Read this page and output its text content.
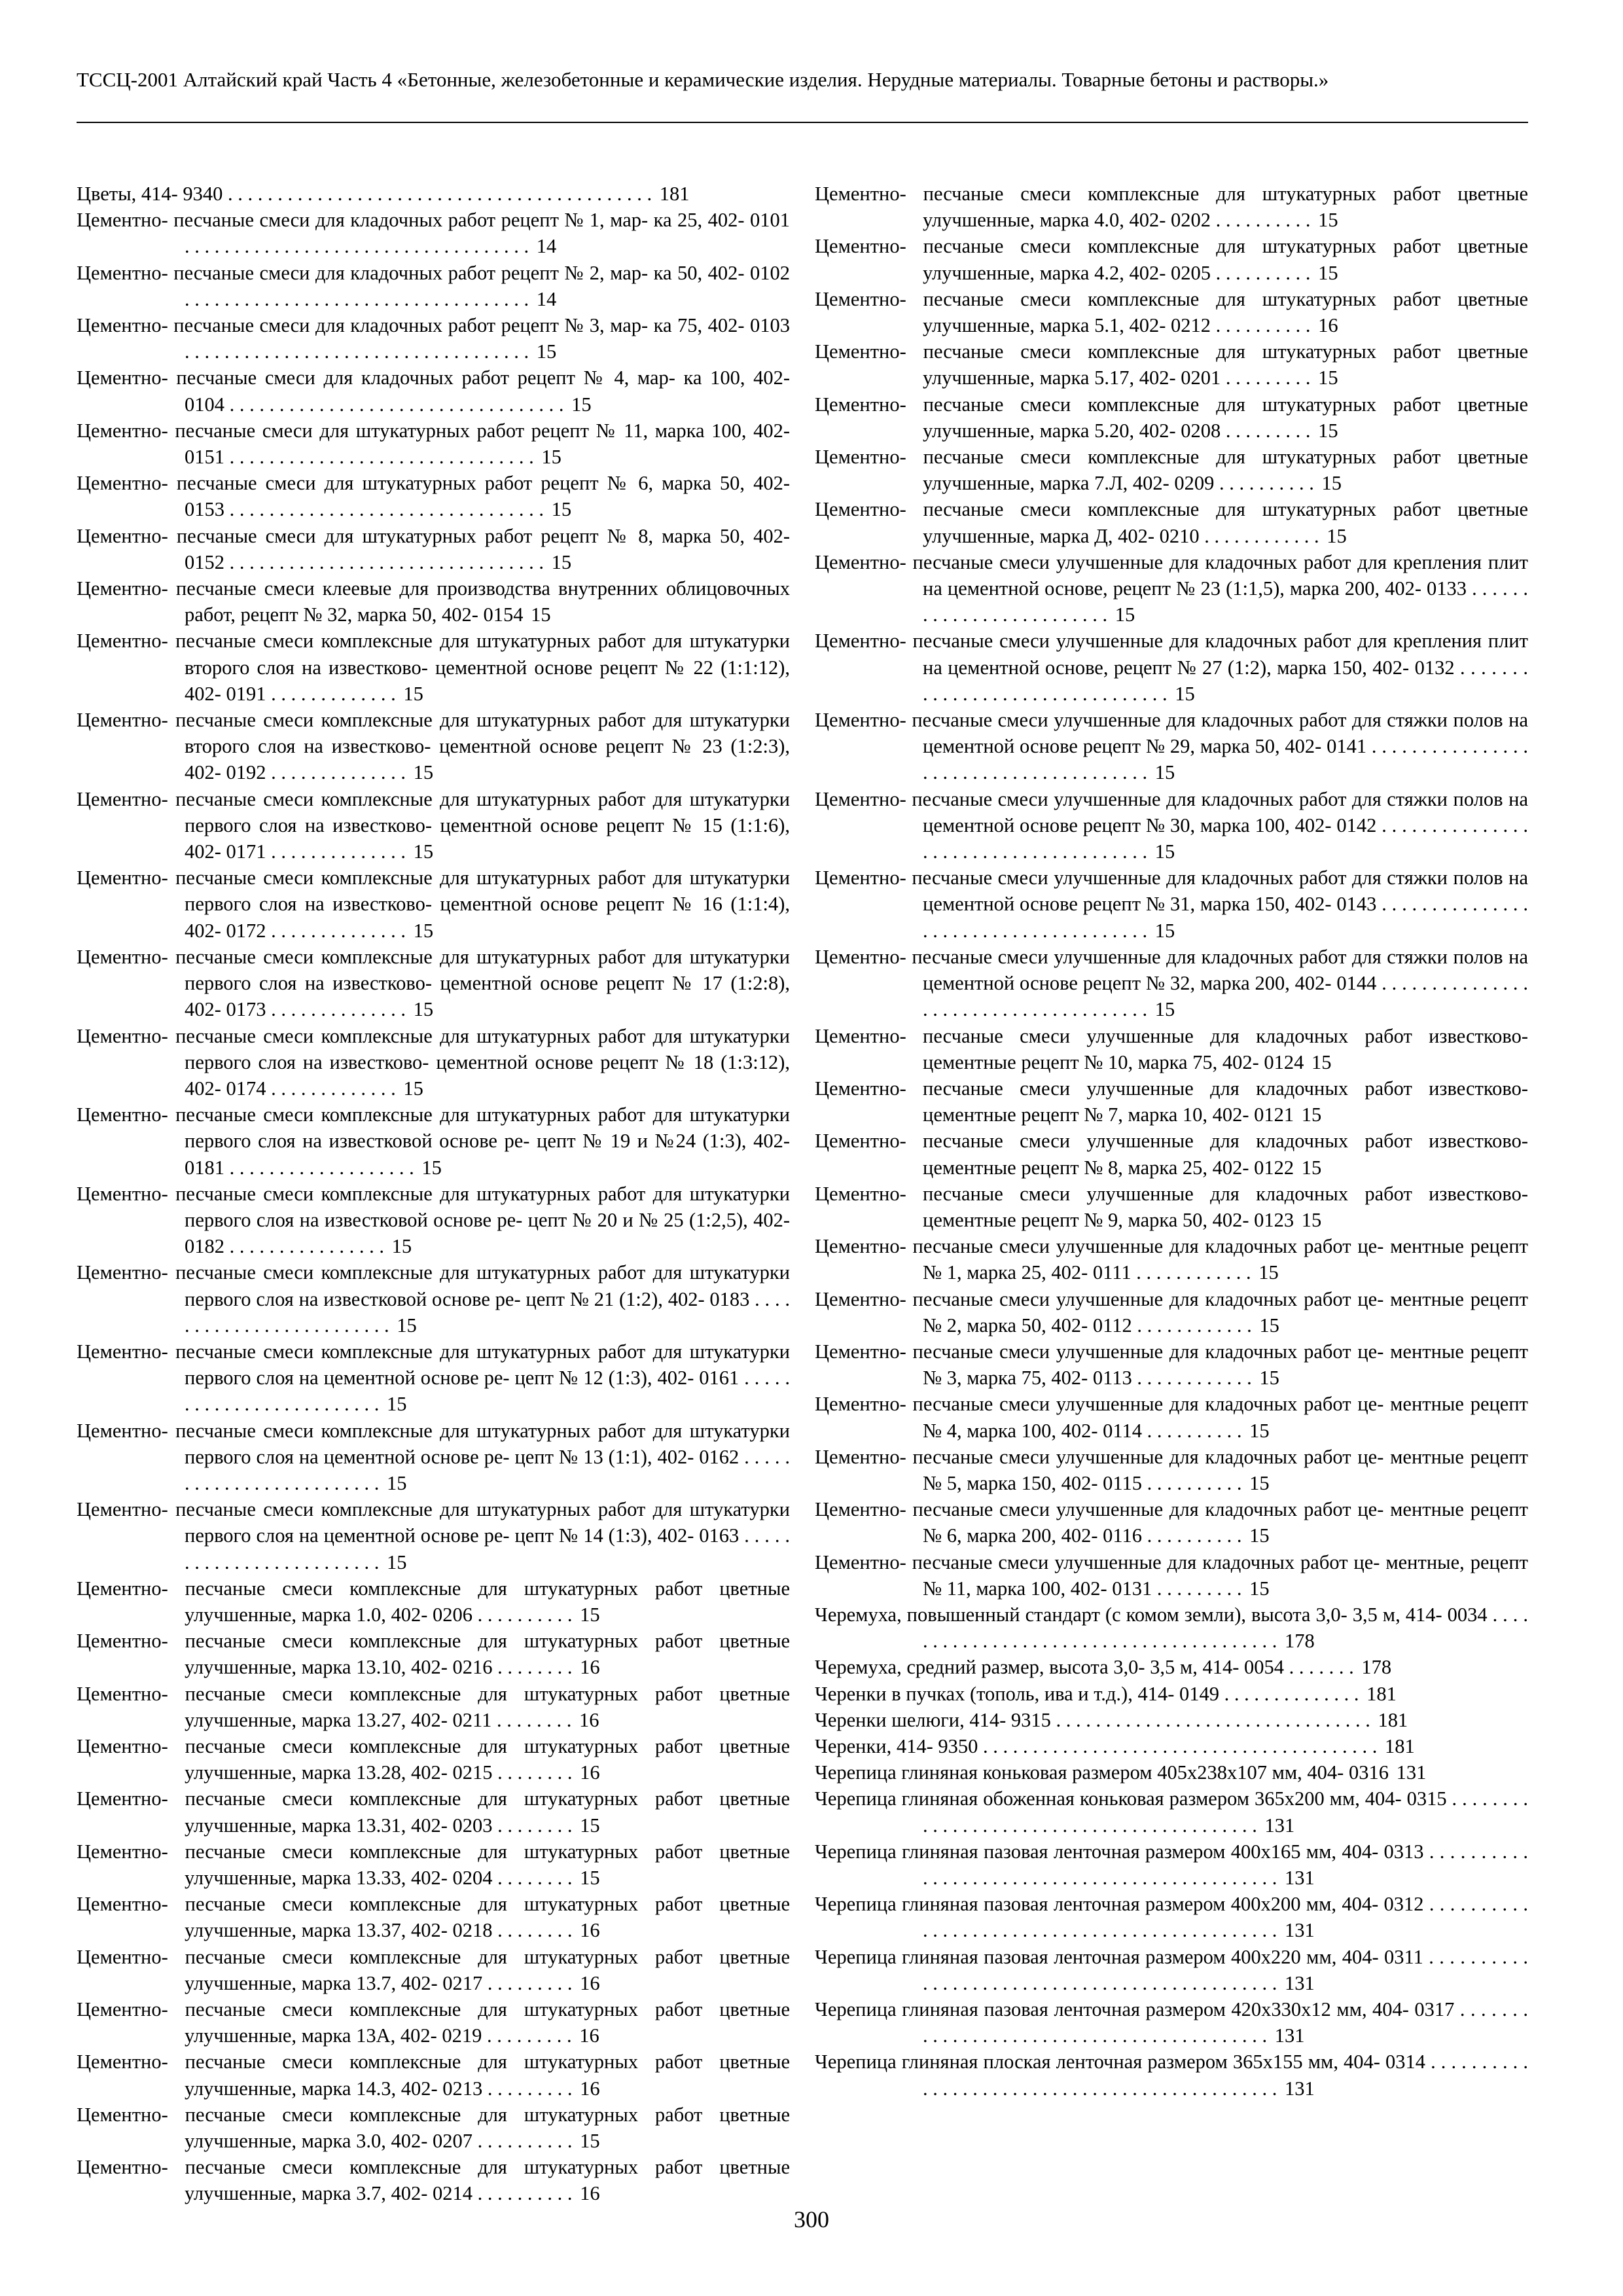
ТССЦ-2001 Алтайский край Часть 4 «Бетонные, железобетонные и керамические изделия. Нерудные материалы. Товарные бетоны и растворы.»
Цветы, 414- 9340 . . . . . . . . . . . . . . . . . . . . . . . . . . . . . . . . . . . . . . . . . . . 181
Цементно- песчаные смеси для кладочных работ рецепт № 1, мар- ка 25, 402- 0101 . . . . . . . . . . . . . . . . . . . . . . . . . . . . . . . . . . . 14
Цементно- песчаные смеси для кладочных работ рецепт № 2, мар- ка 50, 402- 0102 . . . . . . . . . . . . . . . . . . . . . . . . . . . . . . . . . . . 14
Цементно- песчаные смеси для кладочных работ рецепт № 3, мар- ка 75, 402- 0103 . . . . . . . . . . . . . . . . . . . . . . . . . . . . . . . . . . . 15
Цементно- песчаные смеси для кладочных работ рецепт № 4, мар- ка 100, 402- 0104 . . . . . . . . . . . . . . . . . . . . . . . . . . . . . . . . . . 15
Цементно- песчаные смеси для штукатурных работ рецепт № 11, марка 100, 402- 0151 . . . . . . . . . . . . . . . . . . . . . . . . . . . . . . . 15
Цементно- песчаные смеси для штукатурных работ рецепт № 6, марка 50, 402- 0153 . . . . . . . . . . . . . . . . . . . . . . . . . . . . . . . . 15
Цементно- песчаные смеси для штукатурных работ рецепт № 8, марка 50, 402- 0152 . . . . . . . . . . . . . . . . . . . . . . . . . . . . . . . . 15
Цементно- песчаные смеси клеевые для производства внутренних облицовочных работ, рецепт № 32, марка 50, 402- 0154 15
Цементно- песчаные смеси комплексные для штукатурных работ для штукатурки второго слоя на известково- цементной основе рецепт № 22 (1:1:12), 402- 0191 . . . . . . . . . . . . . 15
Цементно- песчаные смеси комплексные для штукатурных работ для штукатурки второго слоя на известково- цементной основе рецепт № 23 (1:2:3), 402- 0192 . . . . . . . . . . . . . . 15
Цементно- песчаные смеси комплексные для штукатурных работ для штукатурки первого слоя на известково- цементной основе рецепт № 15 (1:1:6), 402- 0171 . . . . . . . . . . . . . . 15
Цементно- песчаные смеси комплексные для штукатурных работ для штукатурки первого слоя на известково- цементной основе рецепт № 16 (1:1:4), 402- 0172 . . . . . . . . . . . . . . 15
Цементно- песчаные смеси комплексные для штукатурных работ для штукатурки первого слоя на известково- цементной основе рецепт № 17 (1:2:8), 402- 0173 . . . . . . . . . . . . . . 15
Цементно- песчаные смеси комплексные для штукатурных работ для штукатурки первого слоя на известково- цементной основе рецепт № 18 (1:3:12), 402- 0174 . . . . . . . . . . . . . 15
Цементно- песчаные смеси комплексные для штукатурных работ для штукатурки первого слоя на известковой основе ре- цепт № 19 и №24 (1:3), 402- 0181 . . . . . . . . . . . . . . . . . . . 15
Цементно- песчаные смеси комплексные для штукатурных работ для штукатурки первого слоя на известковой основе ре- цепт № 20 и № 25 (1:2,5), 402- 0182 . . . . . . . . . . . . . . . . 15
Цементно- песчаные смеси комплексные для штукатурных работ для штукатурки первого слоя на известковой основе ре- цепт № 21 (1:2), 402- 0183 . . . . . . . . . . . . . . . . . . . . . . . . . 15
Цементно- песчаные смеси комплексные для штукатурных работ для штукатурки первого слоя на цементной основе ре- цепт № 12 (1:3), 402- 0161 . . . . . . . . . . . . . . . . . . . . . . . . . 15
Цементно- песчаные смеси комплексные для штукатурных работ для штукатурки первого слоя на цементной основе ре- цепт № 13 (1:1), 402- 0162 . . . . . . . . . . . . . . . . . . . . . . . . . 15
Цементно- песчаные смеси комплексные для штукатурных работ для штукатурки первого слоя на цементной основе ре- цепт № 14 (1:3), 402- 0163 . . . . . . . . . . . . . . . . . . . . . . . . . 15
Цементно- песчаные смеси комплексные для штукатурных работ цветные улучшенные, марка 1.0, 402- 0206 . . . . . . . . . . 15
Цементно- песчаные смеси комплексные для штукатурных работ цветные улучшенные, марка 13.10, 402- 0216 . . . . . . . . 16
Цементно- песчаные смеси комплексные для штукатурных работ цветные улучшенные, марка 13.27, 402- 0211 . . . . . . . . 16
Цементно- песчаные смеси комплексные для штукатурных работ цветные улучшенные, марка 13.28, 402- 0215 . . . . . . . . 16
Цементно- песчаные смеси комплексные для штукатурных работ цветные улучшенные, марка 13.31, 402- 0203 . . . . . . . . 15
Цементно- песчаные смеси комплексные для штукатурных работ цветные улучшенные, марка 13.33, 402- 0204 . . . . . . . . 15
Цементно- песчаные смеси комплексные для штукатурных работ цветные улучшенные, марка 13.37, 402- 0218 . . . . . . . . 16
Цементно- песчаные смеси комплексные для штукатурных работ цветные улучшенные, марка 13.7, 402- 0217 . . . . . . . . . 16
Цементно- песчаные смеси комплексные для штукатурных работ цветные улучшенные, марка 13А, 402- 0219 . . . . . . . . . 16
Цементно- песчаные смеси комплексные для штукатурных работ цветные улучшенные, марка 14.3, 402- 0213 . . . . . . . . . 16
Цементно- песчаные смеси комплексные для штукатурных работ цветные улучшенные, марка 3.0, 402- 0207 . . . . . . . . . . 15
Цементно- песчаные смеси комплексные для штукатурных работ цветные улучшенные, марка 3.7, 402- 0214 . . . . . . . . . . 16
Цементно- песчаные смеси комплексные для штукатурных работ цветные улучшенные, марка 4.0, 402- 0202 . . . . . . . . . . 15
Цементно- песчаные смеси комплексные для штукатурных работ цветные улучшенные, марка 4.2, 402- 0205 . . . . . . . . . . 15
Цементно- песчаные смеси комплексные для штукатурных работ цветные улучшенные, марка 5.1, 402- 0212 . . . . . . . . . . 16
Цементно- песчаные смеси комплексные для штукатурных работ цветные улучшенные, марка 5.17, 402- 0201 . . . . . . . . . 15
Цементно- песчаные смеси комплексные для штукатурных работ цветные улучшенные, марка 5.20, 402- 0208 . . . . . . . . . 15
Цементно- песчаные смеси комплексные для штукатурных работ цветные улучшенные, марка 7.Л, 402- 0209 . . . . . . . . . . 15
Цементно- песчаные смеси комплексные для штукатурных работ цветные улучшенные, марка Д, 402- 0210 . . . . . . . . . . . . 15
Цементно- песчаные смеси улучшенные для кладочных работ для крепления плит на цементной основе, рецепт № 23 (1:1,5), марка 200, 402- 0133 . . . . . . . . . . . . . . . . . . . . . . . . . 15
Цементно- песчаные смеси улучшенные для кладочных работ для крепления плит на цементной основе, рецепт № 27 (1:2), марка 150, 402- 0132 . . . . . . . . . . . . . . . . . . . . . . . . . . . . . . . . 15
Цементно- песчаные смеси улучшенные для кладочных работ для стяжки полов на цементной основе рецепт № 29, марка 50, 402- 0141 . . . . . . . . . . . . . . . . . . . . . . . . . . . . . . . . . . . . . . . 15
Цементно- песчаные смеси улучшенные для кладочных работ для стяжки полов на цементной основе рецепт № 30, марка 100, 402- 0142 . . . . . . . . . . . . . . . . . . . . . . . . . . . . . . . . . . . . . . 15
Цементно- песчаные смеси улучшенные для кладочных работ для стяжки полов на цементной основе рецепт № 31, марка 150, 402- 0143 . . . . . . . . . . . . . . . . . . . . . . . . . . . . . . . . . . . . . . 15
Цементно- песчаные смеси улучшенные для кладочных работ для стяжки полов на цементной основе рецепт № 32, марка 200, 402- 0144 . . . . . . . . . . . . . . . . . . . . . . . . . . . . . . . . . . . . . . 15
Цементно- песчаные смеси улучшенные для кладочных работ известково- цементные рецепт № 10, марка 75, 402- 0124 15
Цементно- песчаные смеси улучшенные для кладочных работ известково- цементные рецепт № 7, марка 10, 402- 0121 15
Цементно- песчаные смеси улучшенные для кладочных работ известково- цементные рецепт № 8, марка 25, 402- 0122 15
Цементно- песчаные смеси улучшенные для кладочных работ известково- цементные рецепт № 9, марка 50, 402- 0123 15
Цементно- песчаные смеси улучшенные для кладочных работ це- ментные рецепт № 1, марка 25, 402- 0111 . . . . . . . . . . . . 15
Цементно- песчаные смеси улучшенные для кладочных работ це- ментные рецепт № 2, марка 50, 402- 0112 . . . . . . . . . . . . 15
Цементно- песчаные смеси улучшенные для кладочных работ це- ментные рецепт № 3, марка 75, 402- 0113 . . . . . . . . . . . . 15
Цементно- песчаные смеси улучшенные для кладочных работ це- ментные рецепт № 4, марка 100, 402- 0114 . . . . . . . . . . 15
Цементно- песчаные смеси улучшенные для кладочных работ це- ментные рецепт № 5, марка 150, 402- 0115 . . . . . . . . . . 15
Цементно- песчаные смеси улучшенные для кладочных работ це- ментные рецепт № 6, марка 200, 402- 0116 . . . . . . . . . . 15
Цементно- песчаные смеси улучшенные для кладочных работ це- ментные, рецепт № 11, марка 100, 402- 0131 . . . . . . . . . 15
Черемуха, повышенный стандарт (с комом земли), высота 3,0- 3,5 м, 414- 0034 . . . . . . . . . . . . . . . . . . . . . . . . . . . . . . . . . . . . . . . . 178
Черемуха, средний размер, высота 3,0- 3,5 м, 414- 0054 . . . . . . . 178
Черенки в пучках (тополь, ива и т.д.), 414- 0149 . . . . . . . . . . . . . . 181
Черенки шелюги, 414- 9315 . . . . . . . . . . . . . . . . . . . . . . . . . . . . . . . . 181
Черенки, 414- 9350 . . . . . . . . . . . . . . . . . . . . . . . . . . . . . . . . . . . . . . . . 181
Черепица глиняная коньковая размером 405x238x107 мм, 404- 0316 131
Черепица глиняная обоженная коньковая размером 365x200 мм, 404- 0315 . . . . . . . . . . . . . . . . . . . . . . . . . . . . . . . . . . . . . . . . . . 131
Черепица глиняная пазовая ленточная размером 400x165 мм, 404- 0313 . . . . . . . . . . . . . . . . . . . . . . . . . . . . . . . . . . . . . . . . . . . . . . 131
Черепица глиняная пазовая ленточная размером 400x200 мм, 404- 0312 . . . . . . . . . . . . . . . . . . . . . . . . . . . . . . . . . . . . . . . . . . . . . . 131
Черепица глиняная пазовая ленточная размером 400x220 мм, 404- 0311 . . . . . . . . . . . . . . . . . . . . . . . . . . . . . . . . . . . . . . . . . . . . . . 131
Черепица глиняная пазовая ленточная размером 420x330x12 мм, 404- 0317 . . . . . . . . . . . . . . . . . . . . . . . . . . . . . . . . . . . . . . . . . . 131
Черепица глиняная плоская ленточная размером 365x155 мм, 404- 0314 . . . . . . . . . . . . . . . . . . . . . . . . . . . . . . . . . . . . . . . . . . . . . . 131
300
